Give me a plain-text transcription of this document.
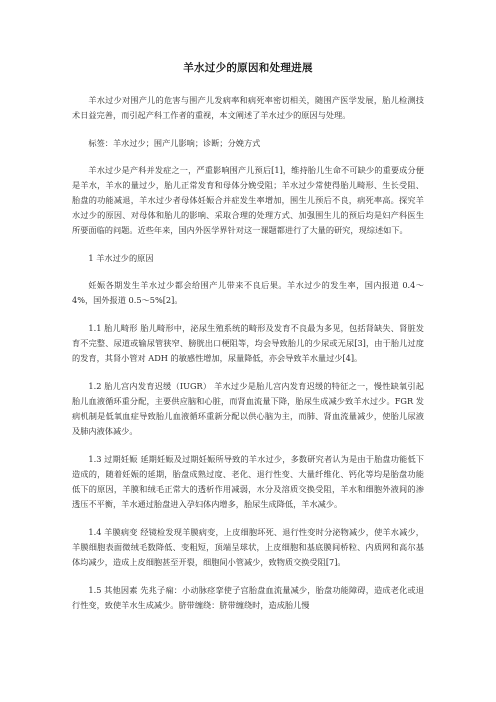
羊水过少的原因和处理进展

羊水过少对围产儿的危害与围产儿发病率和病死率密切相关，随围产医学发展，胎儿检测技术日益完善，而引起产科工作者的重视，本文阐述了羊水过少的原因与处理。

标签：羊水过少；围产儿影响；诊断；分娩方式

羊水过少是产科并发症之一，严重影响围产儿预后[1]，维持胎儿生命不可缺少的重要成分便是羊水，羊水的量过少，胎儿正常发育和母体分娩受阻；羊水过少常使得胎儿畸形、生长受阻、胎盘的功能减退，羊水过少者母体妊娠合并症发生率增加，围生儿预后不良，病死率高。探究羊水过少的原因、对母体和胎儿的影响、采取合理的处理方式、加强围生儿的预后均是妇产科医生所要面临的问题。近些年来，国内外医学界针对这一课题都进行了大量的研究，现综述如下。

1 羊水过少的原因

妊娠各期发生羊水过少都会给围产儿带来不良后果。羊水过少的发生率，国内报道 0.4～4%，国外报道 0.5～5%[2]。

1.1 胎儿畸形 胎儿畸形中，泌尿生殖系统的畸形及发育不良最为多见，包括肾缺失、肾脏发育不完整、尿道或输尿管狭窄、膀胱出口梗阻等，均会导致胎儿的少尿或无尿[3]，由于胎儿过度的发育，其肾小管对 ADH 的敏感性增加，尿量降低，亦会导致羊水量过少[4]。

1.2 胎儿宫内发育迟缓（IUGR） 羊水过少是胎儿宫内发育迟缓的特征之一，慢性缺氧引起胎儿血液循环重分配，主要供应脑和心脏，而肾血流量下降，胎尿生成减少致羊水过少。FGR 发病机制是低氧血症导致胎儿血液循环重新分配以供心脑为主，而肺、肾血流量减少，使胎儿尿液及肺内液体减少。

1.3 过期妊娠 延期妊娠及过期妊娠所导致的羊水过少，多数研究者认为是由于胎盘功能低下造成的，随着妊娠的延期，胎盘成熟过度、老化、退行性变、大量纤维化、钙化等均是胎盘功能低下的原因，羊膜和绒毛正常大的透析作用减弱，水分及溶质交换受阻，羊水和细胞外液间的渗透压不平衡，羊水通过胎盘进入孕妇体内增多，胎尿生成降低，羊水减少。

1.4 羊膜病变 经镜检发现羊膜病变，上皮细胞坏死、退行性变时分泌物减少，使羊水减少，羊膜细胞表面微绒毛数降低、变粗短，顶端呈球状，上皮细胞和基底膜间桥粒、内质网和高尔基体均减少，造成上皮细胞甚至开裂，细胞间小管减少，致物质交换受阻[7]。

1.5 其他因素 先兆子痫：小动脉痉挛使子宫胎盘血流量减少，胎盘功能障碍，造成老化或退行性变，致使羊水生成减少。脐带缠绕：脐带缠绕时，造成胎儿慢
